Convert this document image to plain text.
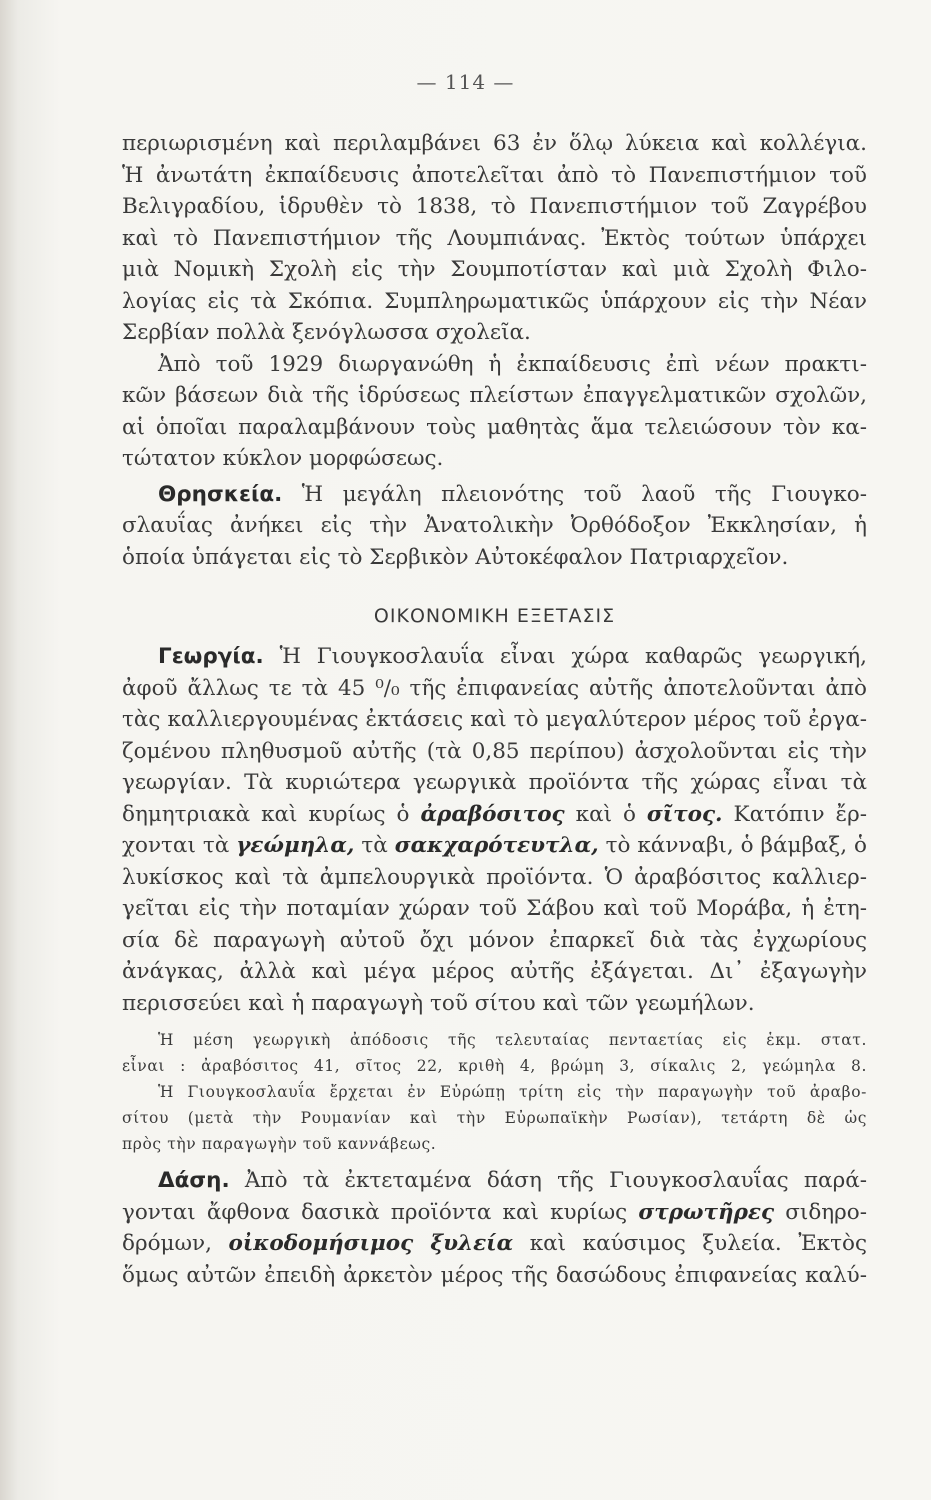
— 114 —
περιωρισμένη καὶ περιλαμβάνει 63 ἐν ὅλῳ λύκεια καὶ κολλέγια.
Ἡ ἀνωτάτη ἐκπαίδευσις ἀποτελεῖται ἀπὸ τὸ Πανεπιστήμιον τοῦ
Βελιγραδίου, ἱδρυθὲν τὸ 1838, τὸ Πανεπιστήμιον τοῦ Ζαγρέβου
καὶ τὸ Πανεπιστήμιον τῆς Λουμπιάνας. Ἐκτὸς τούτων ὑπάρχει
μιὰ Νομικὴ Σχολὴ εἰς τὴν Σουμποτίσταν καὶ μιὰ Σχολὴ Φιλο-
λογίας εἰς τὰ Σκόπια. Συμπληρωματικῶς ὑπάρχουν εἰς τὴν Νέαν
Σερβίαν πολλὰ ξενόγλωσσα σχολεῖα.
Ἀπὸ τοῦ 1929 διωργανώθη ἡ ἐκπαίδευσις ἐπὶ νέων πρακτι-
κῶν βάσεων διὰ τῆς ἱδρύσεως πλείστων ἐπαγγελματικῶν σχολῶν,
αἱ ὁποῖαι παραλαμβάνουν τοὺς μαθητὰς ἅμα τελειώσουν τὸν κα-
τώτατον κύκλον μορφώσεως.
Θρησκεία. Ἡ μεγάλη πλειονότης τοῦ λαοῦ τῆς Γιουγκο-
σλαυΐας ἀνήκει εἰς τὴν Ἀνατολικὴν Ὀρθόδοξον Ἐκκλησίαν, ἡ
ὁποία ὑπάγεται εἰς τὸ Σερβικὸν Αὐτοκέφαλον Πατριαρχεῖον.
ΟΙΚΟΝΟΜΙΚΗ ΕΞΕΤΑΣΙΣ
Γεωργία. Ἡ Γιουγκοσλαυΐα εἶναι χώρα καθαρῶς γεωργική,
ἀφοῦ ἄλλως τε τὰ 45 ⁰/₀ τῆς ἐπιφανείας αὐτῆς ἀποτελοῦνται ἀπὸ
τὰς καλλιεργουμένας ἐκτάσεις καὶ τὸ μεγαλύτερον μέρος τοῦ ἐργα-
ζομένου πληθυσμοῦ αὐτῆς (τὰ 0,85 περίπου) ἀσχολοῦνται εἰς τὴν
γεωργίαν. Τὰ κυριώτερα γεωργικὰ προϊόντα τῆς χώρας εἶναι τὰ
δημητριακὰ καὶ κυρίως ὁ ἀραβόσιτος καὶ ὁ σῖτος. Κατόπιν ἔρ-
χονται τὰ γεώμηλα, τὰ σακχαρότευτλα, τὸ κάνναβι, ὁ βάμβαξ, ὁ
λυκίσκος καὶ τὰ ἀμπελουργικὰ προϊόντα. Ὁ ἀραβόσιτος καλλιερ-
γεῖται εἰς τὴν ποταμίαν χώραν τοῦ Σάβου καὶ τοῦ Μοράβα, ἡ ἐτη-
σία δὲ παραγωγὴ αὐτοῦ ὄχι μόνον ἐπαρκεῖ διὰ τὰς ἐγχωρίους
ἀνάγκας, ἀλλὰ καὶ μέγα μέρος αὐτῆς ἐξάγεται. Δι᾽ ἐξαγωγὴν
περισσεύει καὶ ἡ παραγωγὴ τοῦ σίτου καὶ τῶν γεωμήλων.
Ἡ μέση γεωργικὴ ἀπόδοσις τῆς τελευταίας πενταετίας εἰς ἑκμ. στατ.
εἶναι : ἀραβόσιτος 41, σῖτος 22, κριθὴ 4, βρώμη 3, σίκαλις 2, γεώμηλα 8.
Ἡ Γιουγκοσλαυΐα ἔρχεται ἐν Εὐρώπῃ τρίτη εἰς τὴν παραγωγὴν τοῦ ἀραβο-
σίτου (μετὰ τὴν Ρουμανίαν καὶ τὴν Εὐρωπαϊκὴν Ρωσίαν), τετάρτη δὲ ὡς
πρὸς τὴν παραγωγὴν τοῦ καννάβεως.
Δάση. Ἀπὸ τὰ ἐκτεταμένα δάση τῆς Γιουγκοσλαυΐας παρά-
γονται ἄφθονα δασικὰ προϊόντα καὶ κυρίως στρωτῆρες σιδηρο-
δρόμων, οἰκοδομήσιμος ξυλεία καὶ καύσιμος ξυλεία. Ἐκτὸς
ὅμως αὐτῶν ἐπειδὴ ἀρκετὸν μέρος τῆς δασώδους ἐπιφανείας καλύ-
